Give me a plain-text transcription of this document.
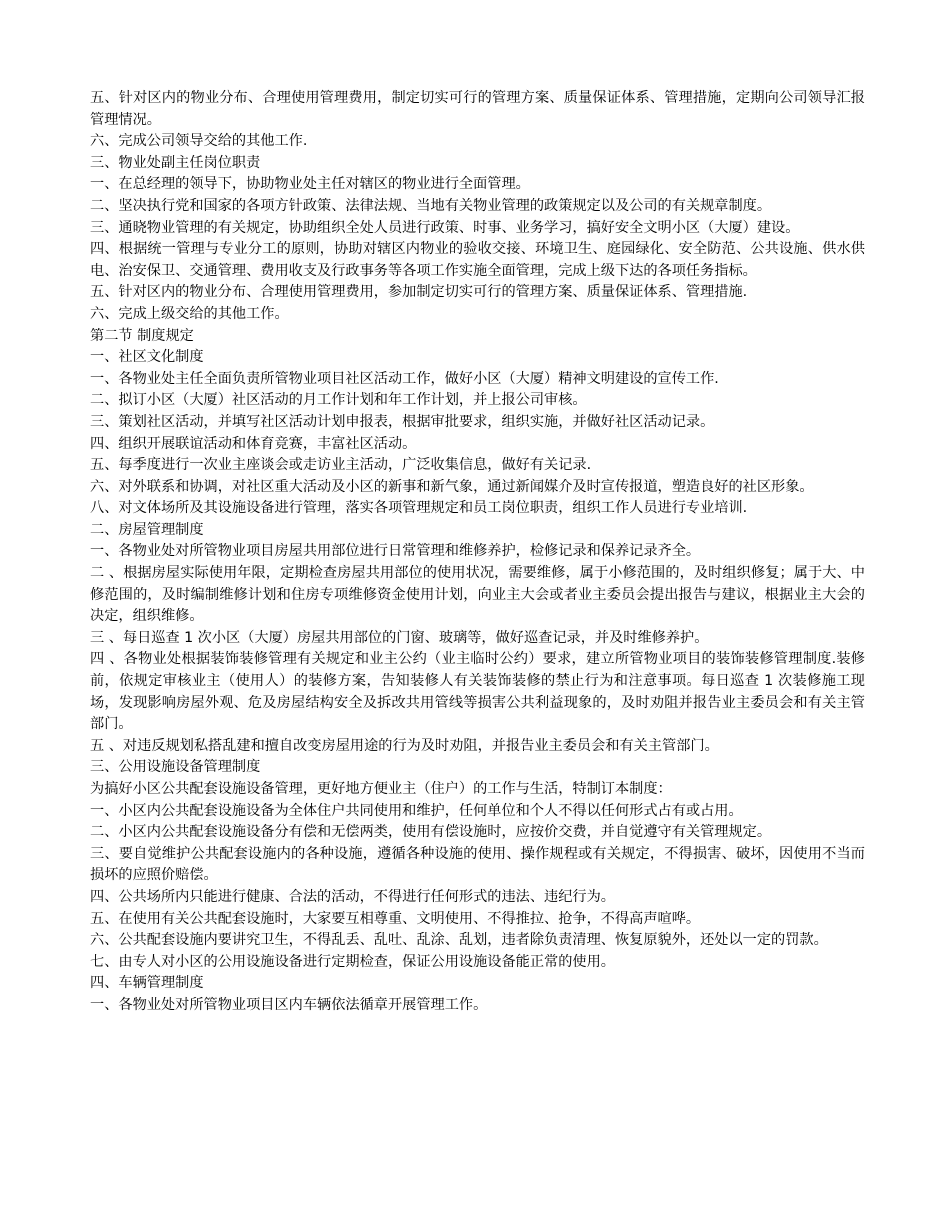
五、针对区内的物业分布、合理使用管理费用，制定切实可行的管理方案、质量保证体系、管理措施，定期向公司领导汇报管理情况。

六、完成公司领导交给的其他工作.

三、物业处副主任岗位职责

一、在总经理的领导下，协助物业处主任对辖区的物业进行全面管理。

二、坚决执行党和国家的各项方针政策、法律法规、当地有关物业管理的政策规定以及公司的有关规章制度。

三、通晓物业管理的有关规定，协助组织全处人员进行政策、时事、业务学习，搞好安全文明小区（大厦）建设。

四、根据统一管理与专业分工的原则，协助对辖区内物业的验收交接、环境卫生、庭园绿化、安全防范、公共设施、供水供电、治安保卫、交通管理、费用收支及行政事务等各项工作实施全面管理，完成上级下达的各项任务指标。

五、针对区内的物业分布、合理使用管理费用，参加制定切实可行的管理方案、质量保证体系、管理措施.

六、完成上级交给的其他工作。

第二节 制度规定

一、社区文化制度

一、各物业处主任全面负责所管物业项目社区活动工作，做好小区（大厦）精神文明建设的宣传工作.

二、拟订小区（大厦）社区活动的月工作计划和年工作计划，并上报公司审核。

三、策划社区活动，并填写社区活动计划申报表，根据审批要求，组织实施，并做好社区活动记录。

四、组织开展联谊活动和体育竞赛，丰富社区活动。

五、每季度进行一次业主座谈会或走访业主活动，广泛收集信息，做好有关记录.

六、对外联系和协调，对社区重大活动及小区的新事和新气象，通过新闻媒介及时宣传报道，塑造良好的社区形象。

八、对文体场所及其设施设备进行管理，落实各项管理规定和员工岗位职责，组织工作人员进行专业培训.

二、房屋管理制度

一、各物业处对所管物业项目房屋共用部位进行日常管理和维修养护，检修记录和保养记录齐全。

二 、根据房屋实际使用年限，定期检查房屋共用部位的使用状况，需要维修，属于小修范围的，及时组织修复；属于大、中修范围的，及时编制维修计划和住房专项维修资金使用计划，向业主大会或者业主委员会提出报告与建议，根据业主大会的决定，组织维修。

三 、每日巡查 1 次小区（大厦）房屋共用部位的门窗、玻璃等，做好巡查记录，并及时维修养护。

四 、各物业处根据装饰装修管理有关规定和业主公约（业主临时公约）要求，建立所管物业项目的装饰装修管理制度.装修前，依规定审核业主（使用人）的装修方案，告知装修人有关装饰装修的禁止行为和注意事项。每日巡查 1 次装修施工现场，发现影响房屋外观、危及房屋结构安全及拆改共用管线等损害公共利益现象的，及时劝阻并报告业主委员会和有关主管部门。

五 、对违反规划私搭乱建和擅自改变房屋用途的行为及时劝阻，并报告业主委员会和有关主管部门。

三、公用设施设备管理制度

为搞好小区公共配套设施设备管理，更好地方便业主（住户）的工作与生活，特制订本制度：

一、小区内公共配套设施设备为全体住户共同使用和维护，任何单位和个人不得以任何形式占有或占用。

二、小区内公共配套设施设备分有偿和无偿两类，使用有偿设施时，应按价交费，并自觉遵守有关管理规定。

三、要自觉维护公共配套设施内的各种设施，遵循各种设施的使用、操作规程或有关规定，不得损害、破坏，因使用不当而损坏的应照价赔偿。

四、公共场所内只能进行健康、合法的活动，不得进行任何形式的违法、违纪行为。

五、在使用有关公共配套设施时，大家要互相尊重、文明使用、不得推拉、抢争，不得高声喧哗。

六、公共配套设施内要讲究卫生，不得乱丢、乱吐、乱涂、乱划，违者除负责清理、恢复原貌外，还处以一定的罚款。

七、由专人对小区的公用设施设备进行定期检查，保证公用设施设备能正常的使用。

四、车辆管理制度

一、各物业处对所管物业项目区内车辆依法循章开展管理工作。
